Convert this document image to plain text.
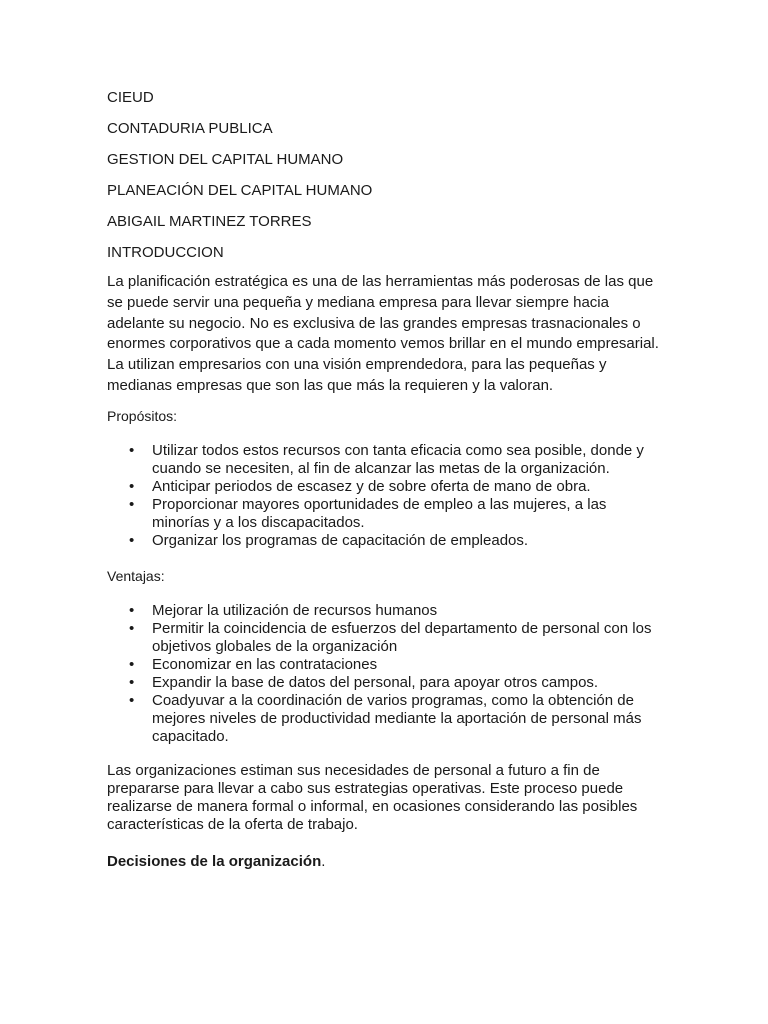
CIEUD

CONTADURIA PUBLICA

GESTION DEL CAPITAL HUMANO

PLANEACIÓN DEL CAPITAL HUMANO

ABIGAIL MARTINEZ TORRES

INTRODUCCION

La planificación estratégica es una de las herramientas más poderosas de las que se puede servir una pequeña y mediana empresa para llevar siempre hacia adelante su negocio. No es exclusiva de las grandes empresas trasnacionales o enormes corporativos que a cada momento vemos brillar en el mundo empresarial. La utilizan empresarios con una visión emprendedora, para las pequeñas y medianas empresas que son las que más la requieren y la valoran.

Propósitos:

• Utilizar todos estos recursos con tanta eficacia como sea posible, donde y cuando se necesiten, al fin de alcanzar las metas de la organización.
• Anticipar periodos de escasez y de sobre oferta de mano de obra.
• Proporcionar mayores oportunidades de empleo a las mujeres, a las minorías y a los discapacitados.
• Organizar los programas de capacitación de empleados.

Ventajas:

• Mejorar la utilización de recursos humanos
• Permitir la coincidencia de esfuerzos del departamento de personal con los objetivos globales de la organización
• Economizar en las contrataciones
• Expandir la base de datos del personal, para apoyar otros campos.
• Coadyuvar a la coordinación de varios programas, como la obtención de mejores niveles de productividad mediante la aportación de personal más capacitado.

Las organizaciones estiman sus necesidades de personal a futuro a fin de prepararse para llevar a cabo sus estrategias operativas. Este proceso puede realizarse de manera formal o informal, en ocasiones considerando las posibles características de la oferta de trabajo.

Decisiones de la organización.
